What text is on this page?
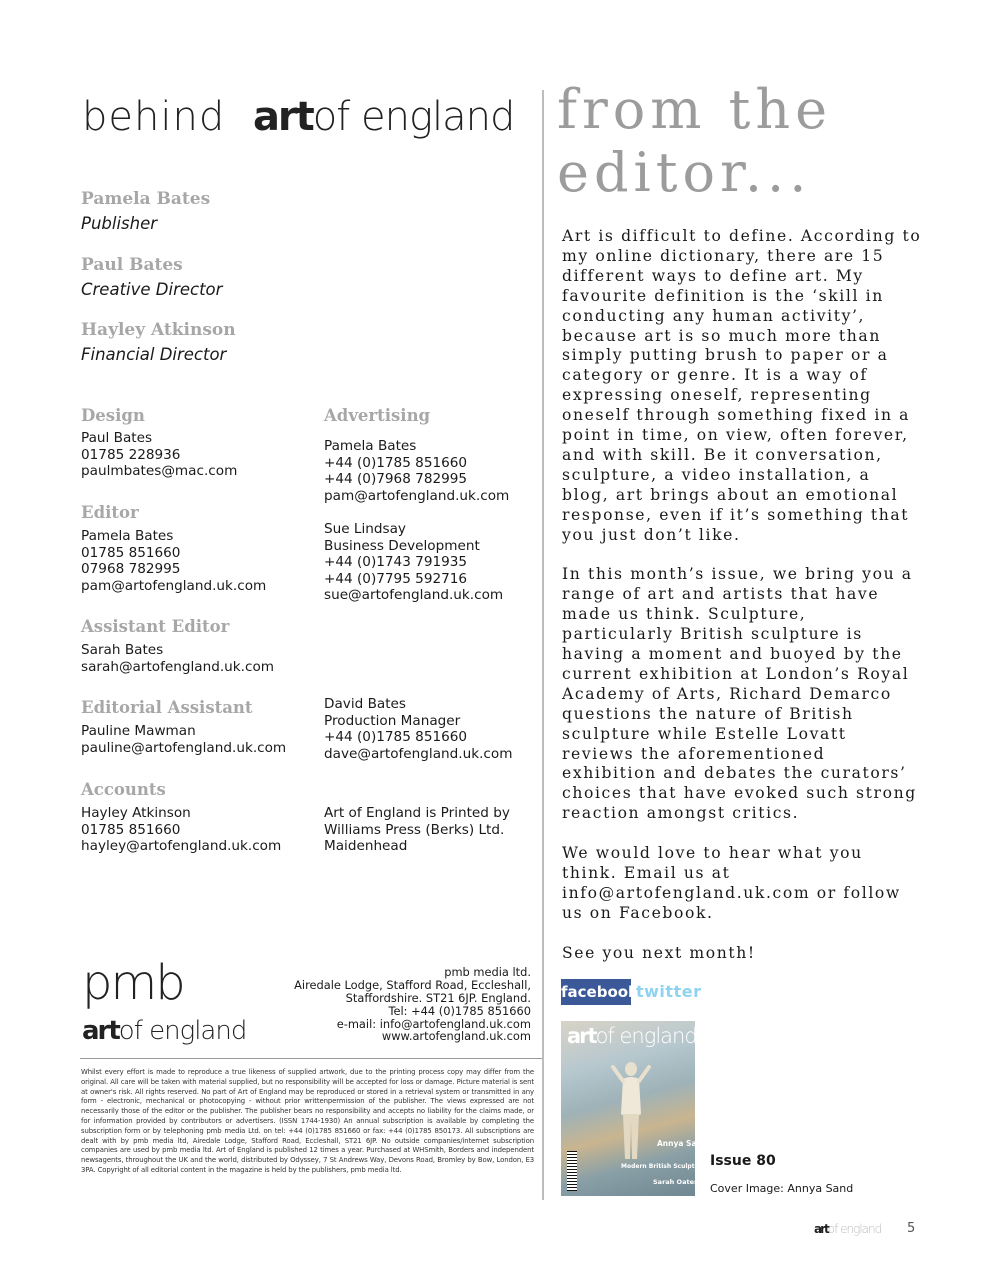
behind artof england
Pamela Bates
Publisher
Paul Bates
Creative Director
Hayley Atkinson
Financial Director
Design
Paul Bates
01785 228936
paulmbates@mac.com
Editor
Pamela Bates
01785 851660
07968 782995
pam@artofengland.uk.com
Assistant Editor
Sarah Bates
sarah@artofengland.uk.com
Editorial Assistant
Pauline Mawman
pauline@artofengland.uk.com
Accounts
Hayley Atkinson
01785 851660
hayley@artofengland.uk.com
Advertising
Pamela Bates
+44 (0)1785 851660
+44 (0)7968 782995
pam@artofengland.uk.com
Sue Lindsay
Business Development
+44 (0)1743 791935
+44 (0)7795 592716
sue@artofengland.uk.com
David Bates
Production Manager
+44 (0)1785 851660
dave@artofengland.uk.com
Art of England is Printed by
Williams Press (Berks) Ltd.
Maidenhead
from the
editor...

Art is difficult to define. According to my online dictionary, there are 15 different ways to define art. My favourite definition is the ‘skill in conducting any human activity’, because art is so much more than simply putting brush to paper or a category or genre. It is a way of expressing oneself, representing oneself through something fixed in a point in time, on view, often forever, and with skill. Be it conversation, sculpture, a video installation, a blog, art brings about an emotional response, even if it’s something that you just don’t like.

In this month’s issue, we bring you a range of art and artists that have made us think. Sculpture, particularly British sculpture is having a moment and buoyed by the current exhibition at London’s Royal Academy of Arts, Richard Demarco questions the nature of British sculpture while Estelle Lovatt reviews the aforementioned exhibition and debates the curators’ choices that have evoked such strong reaction amongst critics.

We would love to hear what you think. Email us at info@artofengland.uk.com or follow us on Facebook.

See you next month!

facebook
twitter
artof england
Annya Sand
Modern British Sculpture
Sarah Oates
Issue 80
Cover Image: Annya Sand
pmb
artof england
pmb media ltd.
Airedale Lodge, Stafford Road, Eccleshall,
Staffordshire. ST21 6JP. England.
Tel: +44 (0)1785 851660
e-mail: info@artofengland.uk.com
www.artofengland.uk.com
Whilst every effort is made to reproduce a true likeness of supplied artwork, due to the printing process copy may differ from the original. All care will be taken with material supplied, but no responsibility will be accepted for loss or damage. Picture material is sent at owner's risk. All rights reserved. No part of Art of England may be reproduced or stored in a retrieval system or transmitted in any form - electronic, mechanical or photocopying - without prior writtenpermission of the publisher. The views expressed are not necessarily those of the editor or the publisher. The publisher bears no responsibility and accepts no liability for the claims made, or for information provided by contributors or advertisers. (ISSN 1744-1930) An annual subscription is available by completing the subscription form or by telephoning pmb media Ltd. on tel: +44 (0)1785 851660 or fax: +44 (0)1785 850173. All subscriptions are dealt with by pmb media ltd, Airedale Lodge, Stafford Road, Eccleshall, ST21 6JP. No outside companies/internet subscription companies are used by pmb media ltd. Art of England is published 12 times a year. Purchased at WHSmith, Borders and independent newsagents, throughout the UK and the world, distributed by Odyssey, 7 St Andrews Way, Devons Road, Bromley by Bow, London, E3 3PA. Copyright of all editorial content in the magazine is held by the publishers, pmb media ltd.
artof england 5
